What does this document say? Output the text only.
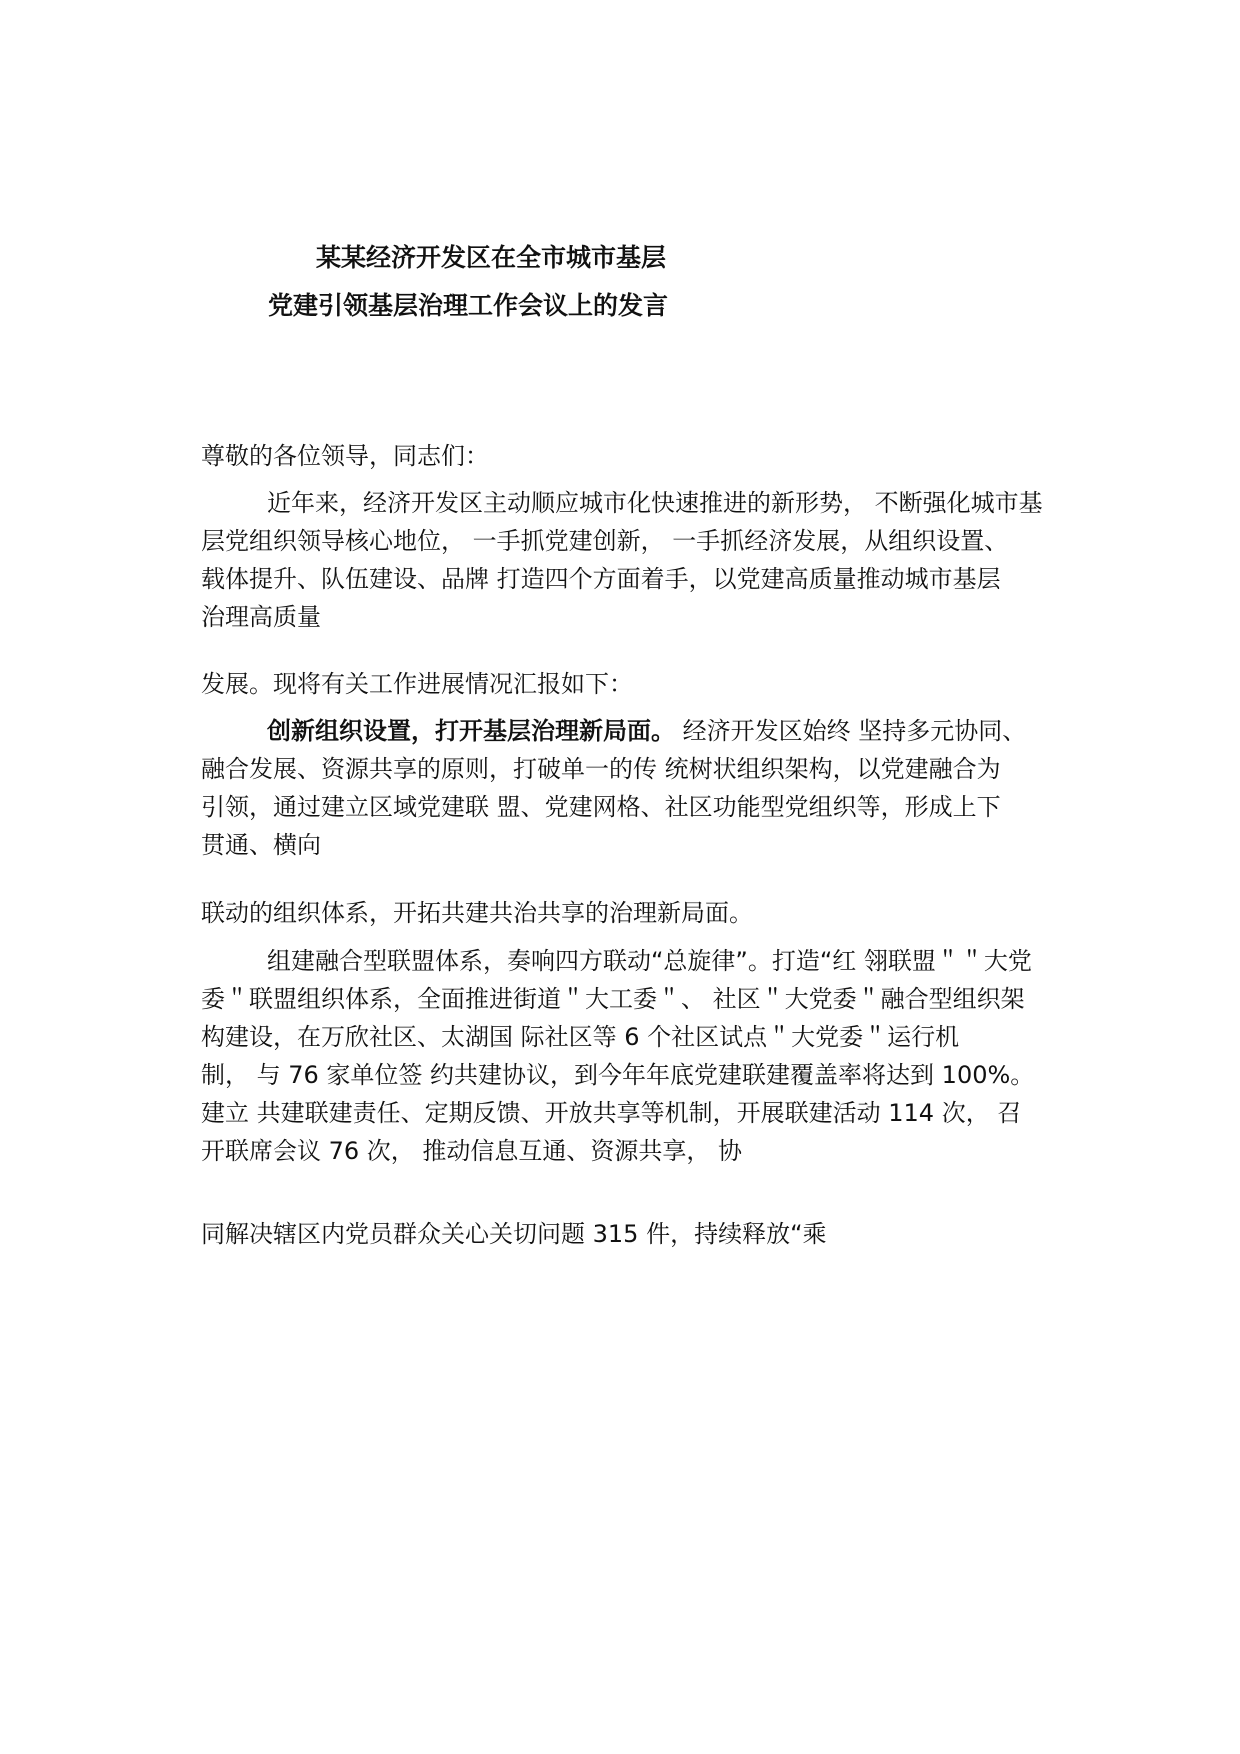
某某经济开发区在全市城市基层
党建引领基层治理工作会议上的发言
尊敬的各位领导，同志们：
近年来，经济开发区主动顺应城市化快速推进的新形势， 不断强化城市基
层党组织领导核心地位， 一手抓党建创新， 一手抓经济发展，从组织设置、
载体提升、队伍建设、品牌 打造四个方面着手，以党建高质量推动城市基层
治理高质量
发展。现将有关工作进展情况汇报如下：
创新组织设置，打开基层治理新局面。 经济开发区始终 坚持多元协同、
融合发展、资源共享的原则，打破单一的传 统树状组织架构，以党建融合为
引领，通过建立区域党建联 盟、党建网格、社区功能型党组织等，形成上下
贯通、横向
联动的组织体系，开拓共建共治共享的治理新局面。
组建融合型联盟体系，奏响四方联动“总旋律”。打造“红 翎联盟＂＂大党
委＂联盟组织体系，全面推进街道＂大工委＂、 社区＂大党委＂融合型组织架
构建设，在万欣社区、太湖国 际社区等 6 个社区试点＂大党委＂运行机
制， 与 76 家单位签 约共建协议，到今年年底党建联建覆盖率将达到 100%。
建立 共建联建责任、定期反馈、开放共享等机制，开展联建活动 114 次， 召
开联席会议 76 次， 推动信息互通、资源共享， 协
同解决辖区内党员群众关心关切问题 315 件，持续释放“乘
